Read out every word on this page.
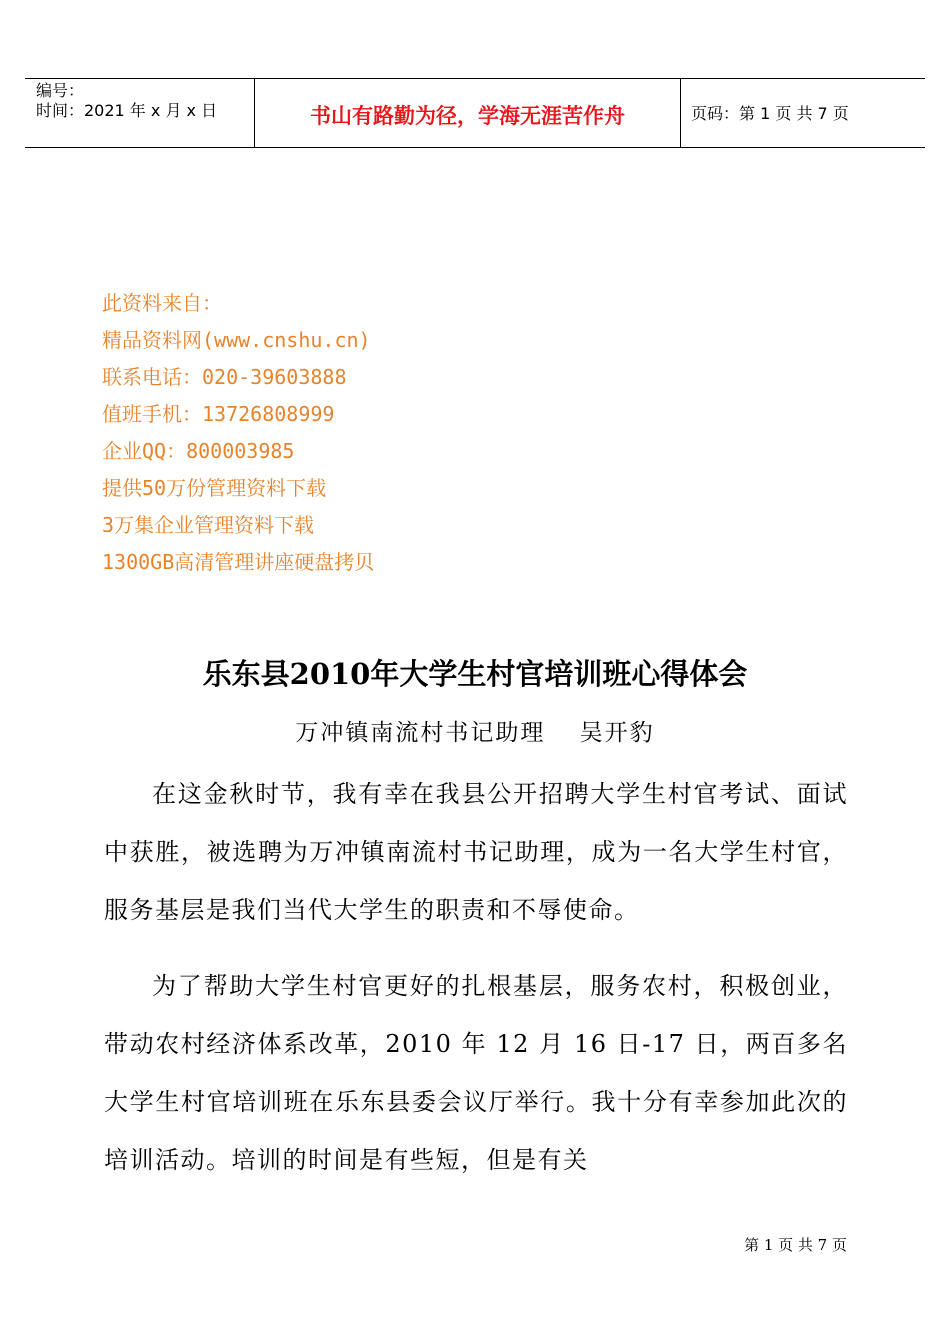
编号：
时间：2021 年 x 月 x 日	书山有路勤为径，学海无涯苦作舟	页码：第 1 页 共 7 页
此资料来自：
精品资料网(www.cnshu.cn)
联系电话：020-39603888
值班手机：13726808999
企业QQ：800003985
提供50万份管理资料下载
3万集企业管理资料下载
1300GB高清管理讲座硬盘拷贝
乐东县2010年大学生村官培训班心得体会
万冲镇南流村书记助理　 吴开豹

在这金秋时节，我有幸在我县公开招聘大学生村官考试、面试中获胜，被选聘为万冲镇南流村书记助理，成为一名大学生村官，服务基层是我们当代大学生的职责和不辱使命。

为了帮助大学生村官更好的扎根基层，服务农村，积极创业，带动农村经济体系改革，2010 年 12 月 16 日-17 日，两百多名大学生村官培训班在乐东县委会议厅举行。我十分有幸参加此次的培训活动。培训的时间是有些短，但是有关

第 1 页 共 7 页
